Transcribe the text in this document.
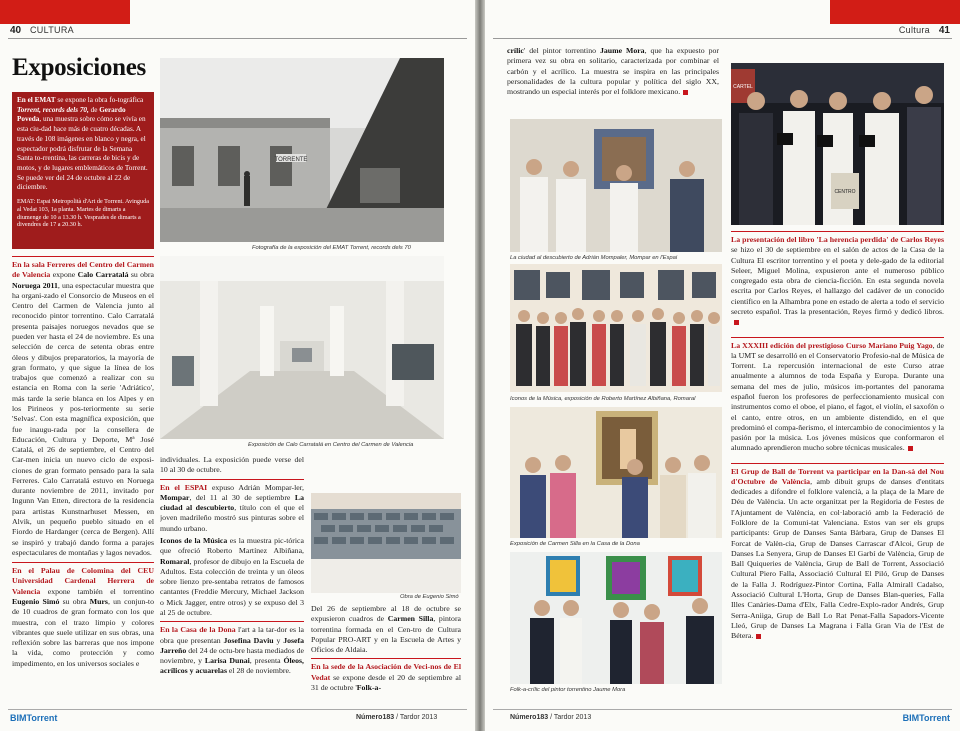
40 CULTURA
Exposiciones
En el EMAT se expone la obra fo-tográfica Torrent, records dels 70, de Gerardo Poveda, una muestra sobre cómo se vivía en esta ciu-dad hace más de cuatro décadas. A través de 108 imágenes en blanco y negra, el espectador podrá disfrutar de la Semana Santa to-rrentina, las carreras de bicis y de motos, y de lugares emblemáticos de Torrent. Se puede ver del 24 de octubre al 22 de diciembre.
EMAT: Espai Metropolità d'Art de Torrent. Avinguda al Vedat 103, 1a planta. Martes de dimarts a diumenge de 10 a 13.30 h. Vesprades de dimarts a divendres de 17 a 20.30 h.
TORRENTE
Fotografía de la exposición del EMAT Torrent, records dels 70
Exposición de Calo Carratalá en Centro del Carmen de Valencia
Obra de Eugenio Simó

En la sala Ferreres del Centro del Carmen de Valencia expone Calo Carratalá su obra Noruega 2011, una espectacular muestra que ha organi-zado el Consorcio de Museos en el Centro del Carmen de Valencia junto al reconocido pintor torrentino. Calo Carratalá presenta paisajes noruegos nevados que se pueden ver hasta el 24 de noviembre. Es una selección de cerca de setenta obras entre óleos y dibujos preparatorios, la mayoría de gran formato, y que sigue la línea de los trabajos que comenzó a realizar con su estancia en Roma con la serie 'Adriático', más tarde la serie blanca en los Alpes y en los Pirineos y pos-teriormente su serie 'Selvas'. Con esta magnífica exposición, que fue inaugu-rada por la consellera de Educación, Cultura y Deporte, Mª José Catalá, el 26 de septiembre, el Centro del Car-men inicia un nuevo ciclo de exposi-ciones de gran formato pensado para la sala Ferreres. Calo Carratalá estuvo en Noruega durante noviembre de 2011, invitado por Ingunn Van Etten, directora de la residencia para artistas Kunstnarhuset Messen, en Alvik, un pequeño pueblo situado en el Fiordo de Hardanger (cerca de Bergen). Allí se inspiró y trabajó dando forma a parajes espectaculares de montañas y lagos nevados.

En el Palau de Colomina del CEU Universidad Cardenal Herrera de Valencia expone también el torrentino Eugenio Simó su obra Murs, un conjun-to de 10 cuadros de gran formato con los que muestra, con el trazo limpio y colores vibrantes que suele utilizar en sus obras, una reflexión sobre las barreras que nos impone la vida, como protección y como impedimento, en los universos sociales e

individuales. La exposición puede verse del 10 al 30 de octubre.

En el ESPAI expuso Adrián Mompar-ler, Mompar, del 11 al 30 de septiembre La ciudad al descubierto, título con el que el joven madrileño mostró sus pinturas sobre el mundo urbano.

Iconos de la Música es la muestra pic-tórica que ofreció Roberto Martínez Albiñana, Romaral, profesor de dibujo en la Escuela de Adultos. Esta colección de treinta y un óleos sobre lienzo pre-sentaba retratos de famosos cantantes (Freddie Mercury, Michael Jackson o Mick Jagger, entre otros) y se expuso del 3 al 25 de octubre.

En la Casa de la Dona l'art a la tar-dor es la obra que presentan Josefina Daviu y Josefa Jarreño del 24 de octu-bre hasta mediados de noviembre, y Larisa Dunai, presenta Óleos, acrílicos y acuarelas el 28 de noviembre.

Del 26 de septiembre al 18 de octubre se expusieron cuadros de Carmen Silla, pintora torrentina formada en el Cen-tro de Cultura Popular PRO-ART y en la Escuela de Artes y Oficios de Aldaia.

En la sede de la Asociación de Veci-nos de El Vedat se expone desde el 20 de septiembre al 31 de octubre 'Folk-a-

BIMTorrent	Número183 / Tardor 2013
Cultura 41

crílic' del pintor torrentino Jaume Mora, que ha expuesto por primera vez su obra en solitario, caracterizada por combinar el carbón y el acrílico. La muestra se inspira en las principales personalidades de la cultura popular y política del siglo XX, mostrando un especial interés por el folklore mexicano.

La ciudad al descubierto de Adrián Mompaler, Mompar en l'Espai
Iconos de la Música, exposición de Roberto Martínez Albiñana, Romaral
Exposición de Carmen Silla en la Casa de la Dona
Folk-a-crílic del pintor torrentino Jaume Mora
CARTEL
CENTRO

La presentación del libro 'La herencia perdida' de Carlos Reyes se hizo el 30 de septiembre en el salón de actos de la Casa de la Cultura El escritor torrentino y el poeta y dele-gado de la editorial Seleer, Miguel Molina, expusieron ante el numeroso público congregado esta obra de ciencia-ficción. En esta segunda novela escrita por Carlos Reyes, el hallazgo del cadáver de un conocido científico en la Alhambra pone en estado de alerta a todo el servicio secreto español. Tras la presentación, Reyes firmó y dedicó libros.

La XXXIII edición del prestigioso Curso Mariano Puig Yago, de la UMT se desarrolló en el Conservatorio Profesio-nal de Música de Torrent. La repercusión internacional de este Curso atrae anualmente a alumnos de toda España y Europa. Durante una semana del mes de julio, músicos im-portantes del panorama español fueron los profesores de perfeccionamiento musical con instrumentos como el oboe, el piano, el fagot, el violín, el saxofón o el canto, entre otros, en un ambiente distendido, en el que predominó el compa-ñerismo, el intercambio de conocimientos y la pasión por la música. Los jóvenes músicos que conformaron el alumnado aprendieron mucho sobre técnicas musicales.

El Grup de Ball de Torrent va participar en la Dan-sà del Nou d'Octubre de València, amb dibuit grups de danses d'entitats dedicades a difondre el folklore valencià, a la plaça de la Mare de Déu de València. Un acte organitzat per la Regidoria de Festes de l'Ajuntament de València, en col·laboració amb la Federació de Folklore de la Comuni-tat Valenciana. Estos van ser els grups participants: Grup de Danses Santa Bàrbara, Grup de Danses El Forcat de Valèn-cia, Grup de Danses Carrascar d'Alcoi, Grup de Danses La Senyera, Grup de Danses El Garbí de València, Grup de Ball Quiqueries de València, Grup de Ball de Torrent, Associació Cultural Piero Falla, Associació Cultural El Piló, Grup de Danses de la Falla J. Rodríguez-Pintor Cortina, Falla Almirall Cadalso, Associació Cultural L'Horta, Grup de Danses Blan-queries, Falla Illes Canàries-Dama d'Elx, Falla Cedre-Explo-rador Andrés, Grup Serra-Aniiga, Grup de Ball Lo Rat Penat-Falla Sapadors-Vicente Lleó, Grup de Danses La Magrana i Falla Gran Via de l'Est de Bétera.

Número183 / Tardor 2013	BIMTorrent
